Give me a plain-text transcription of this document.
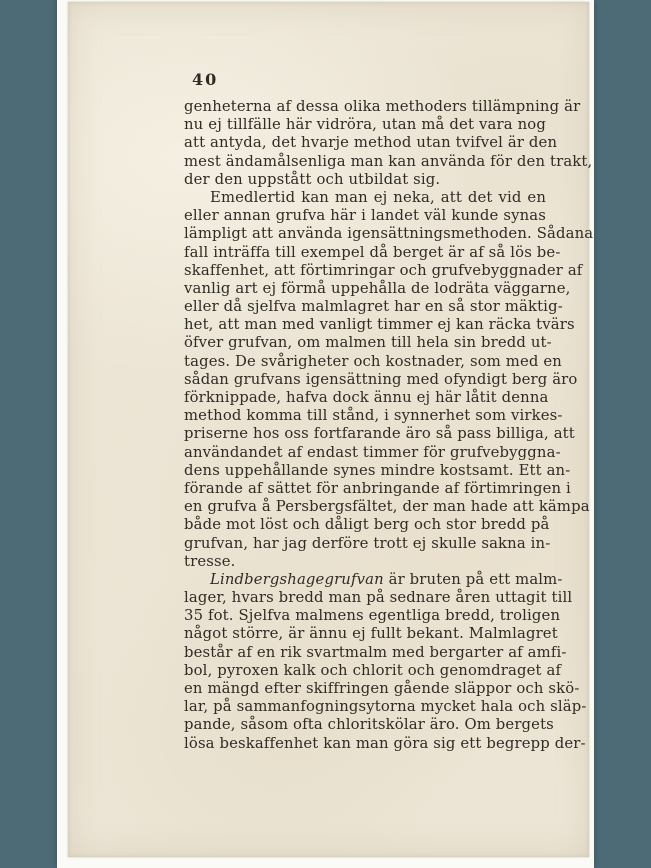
40
genheterna af dessa olika methoders tillämpning är
nu ej tillfälle här vidröra, utan må det vara nog
att antyda, det hvarje method utan tvifvel är den
mest ändamålsenliga man kan använda för den trakt,
der den uppstått och utbildat sig.
Emedlertid kan man ej neka, att det vid en
eller annan grufva här i landet väl kunde synas
lämpligt att använda igensättningsmethoden. Sådana
fall inträffa till exempel då berget är af så lös be-
skaffenhet, att förtimringar och grufvebyggnader af
vanlig art ej förmå uppehålla de lodräta väggarne,
eller då sjelfva malmlagret har en så stor mäktig-
het, att man med vanligt timmer ej kan räcka tvärs
öfver grufvan, om malmen till hela sin bredd ut-
tages. De svårigheter och kostnader, som med en
sådan grufvans igensättning med ofyndigt berg äro
förknippade, hafva dock ännu ej här låtit denna
method komma till stånd, i synnerhet som virkes-
priserne hos oss fortfarande äro så pass billiga, att
användandet af endast timmer för grufvebyggna-
dens uppehållande synes mindre kostsamt. Ett an-
förande af sättet för anbringande af förtimringen i
en grufva å Persbergsfältet, der man hade att kämpa
både mot löst och dåligt berg och stor bredd på
grufvan, har jag derföre trott ej skulle sakna in-
tresse.
Lindbergshagegrufvan är bruten på ett malm-
lager, hvars bredd man på sednare åren uttagit till
35 fot. Sjelfva malmens egentliga bredd, troligen
något större, är ännu ej fullt bekant. Malmlagret
består af en rik svartmalm med bergarter af amfi-
bol, pyroxen kalk och chlorit och genomdraget af
en mängd efter skiffringen gående släppor och skö-
lar, på sammanfogningsytorna mycket hala och släp-
pande, såsom ofta chloritskölar äro. Om bergets
lösa beskaffenhet kan man göra sig ett begrepp der-
